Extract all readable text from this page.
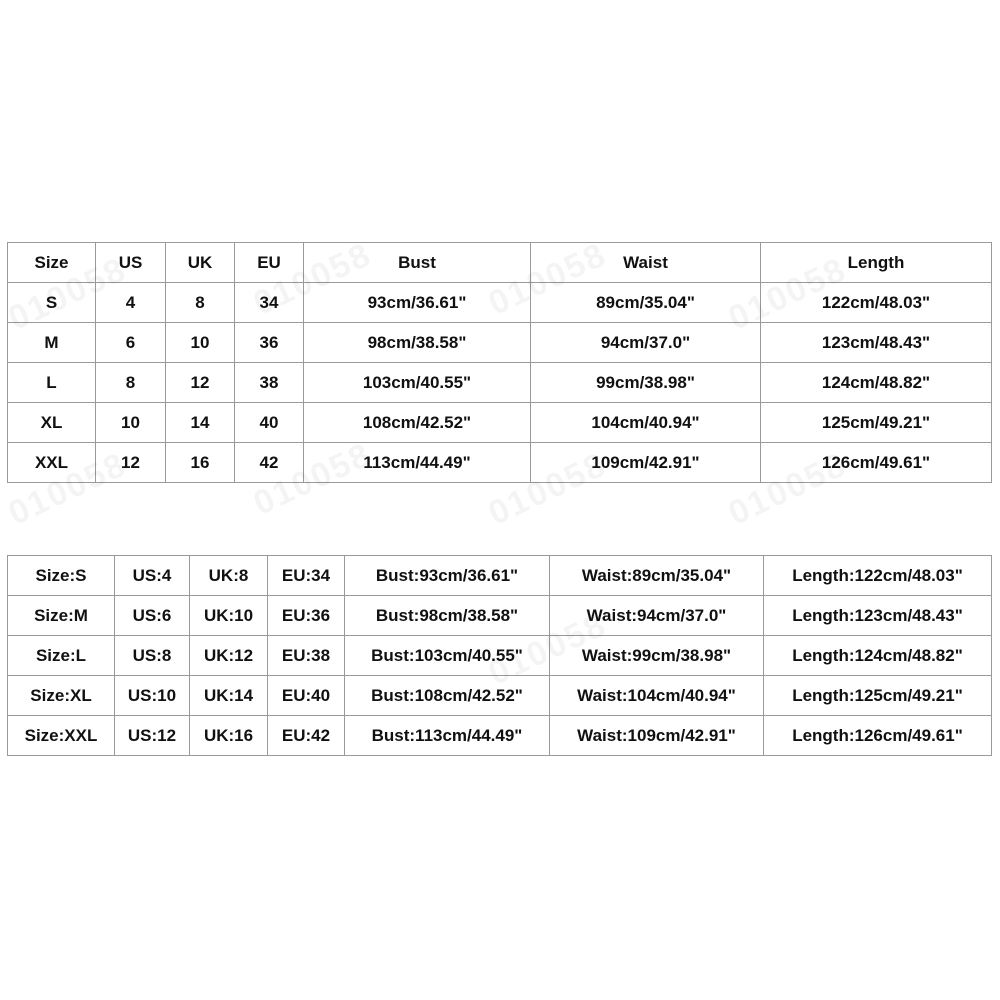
Size	US	UK	EU	Bust	Waist	Length
S	4	8	34	93cm/36.61"	89cm/35.04"	122cm/48.03"
M	6	10	36	98cm/38.58"	94cm/37.0"	123cm/48.43"
L	8	12	38	103cm/40.55"	99cm/38.98"	124cm/48.82"
XL	10	14	40	108cm/42.52"	104cm/40.94"	125cm/49.21"
XXL	12	16	42	113cm/44.49"	109cm/42.91"	126cm/49.61"
Size:S	US:4	UK:8	EU:34	Bust:93cm/36.61"	Waist:89cm/35.04"	Length:122cm/48.03"
Size:M	US:6	UK:10	EU:36	Bust:98cm/38.58"	Waist:94cm/37.0"	Length:123cm/48.43"
Size:L	US:8	UK:12	EU:38	Bust:103cm/40.55"	Waist:99cm/38.98"	Length:124cm/48.82"
Size:XL	US:10	UK:14	EU:40	Bust:108cm/42.52"	Waist:104cm/40.94"	Length:125cm/49.21"
Size:XXL	US:12	UK:16	EU:42	Bust:113cm/44.49"	Waist:109cm/42.91"	Length:126cm/49.61"
